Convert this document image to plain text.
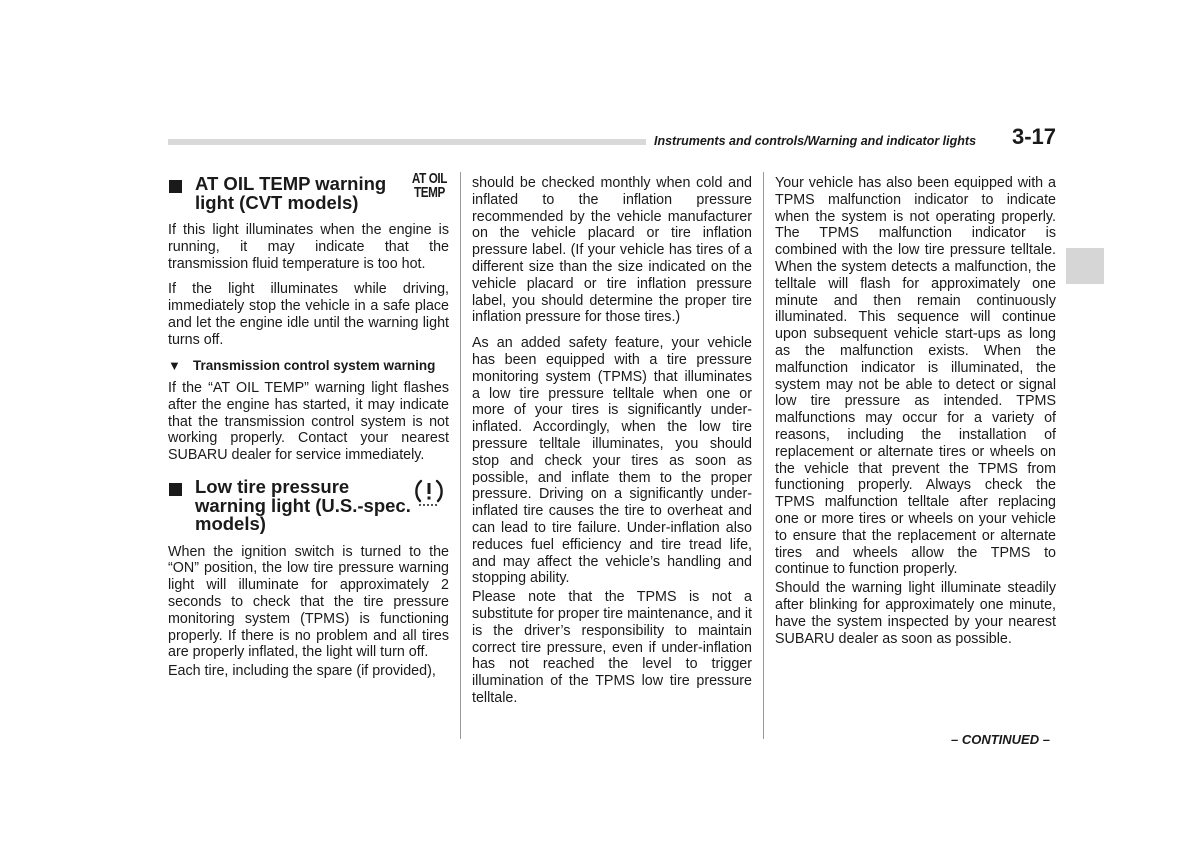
Instruments and controls/Warning and indicator lights 3-17
AT OIL TEMP warning light (CVT models)
AT OIL
TEMP

If this light illuminates when the engine is running, it may indicate that the transmission fluid temperature is too hot.

If the light illuminates while driving, immediately stop the vehicle in a safe place and let the engine idle until the warning light turns off.

▼ Transmission control system warning

If the “AT OIL TEMP” warning light flashes after the engine has started, it may indicate that the transmission control system is not working properly. Contact your nearest SUBARU dealer for service immediately.

Low tire pressure warning light (U.S.-spec. models)

When the ignition switch is turned to the “ON” position, the low tire pressure warning light will illuminate for approximately 2 seconds to check that the tire pressure monitoring system (TPMS) is functioning properly. If there is no problem and all tires are properly inflated, the light will turn off.

Each tire, including the spare (if provided),

should be checked monthly when cold and inflated to the inflation pressure recommended by the vehicle manufacturer on the vehicle placard or tire inflation pressure label. (If your vehicle has tires of a different size than the size indicated on the vehicle placard or tire inflation pressure label, you should determine the proper tire inflation pressure for those tires.)

As an added safety feature, your vehicle has been equipped with a tire pressure monitoring system (TPMS) that illuminates a low tire pressure telltale when one or more of your tires is significantly under-inflated. Accordingly, when the low tire pressure telltale illuminates, you should stop and check your tires as soon as possible, and inflate them to the proper pressure. Driving on a significantly under-inflated tire causes the tire to overheat and can lead to tire failure. Under-inflation also reduces fuel efficiency and tire tread life, and may affect the vehicle’s handling and stopping ability.

Please note that the TPMS is not a substitute for proper tire maintenance, and it is the driver’s responsibility to maintain correct tire pressure, even if under-inflation has not reached the level to trigger illumination of the TPMS low tire pressure telltale.

Your vehicle has also been equipped with a TPMS malfunction indicator to indicate when the system is not operating properly. The TPMS malfunction indicator is combined with the low tire pressure telltale. When the system detects a malfunction, the telltale will flash for approximately one minute and then remain continuously illuminated. This sequence will continue upon subsequent vehicle start-ups as long as the malfunction exists. When the malfunction indicator is illuminated, the system may not be able to detect or signal low tire pressure as intended. TPMS malfunctions may occur for a variety of reasons, including the installation of replacement or alternate tires or wheels on the vehicle that prevent the TPMS from functioning properly. Always check the TPMS malfunction telltale after replacing one or more tires or wheels on your vehicle to ensure that the replacement or alternate tires and wheels allow the TPMS to continue to function properly.

Should the warning light illuminate steadily after blinking for approximately one minute, have the system inspected by your nearest SUBARU dealer as soon as possible.

– CONTINUED –
